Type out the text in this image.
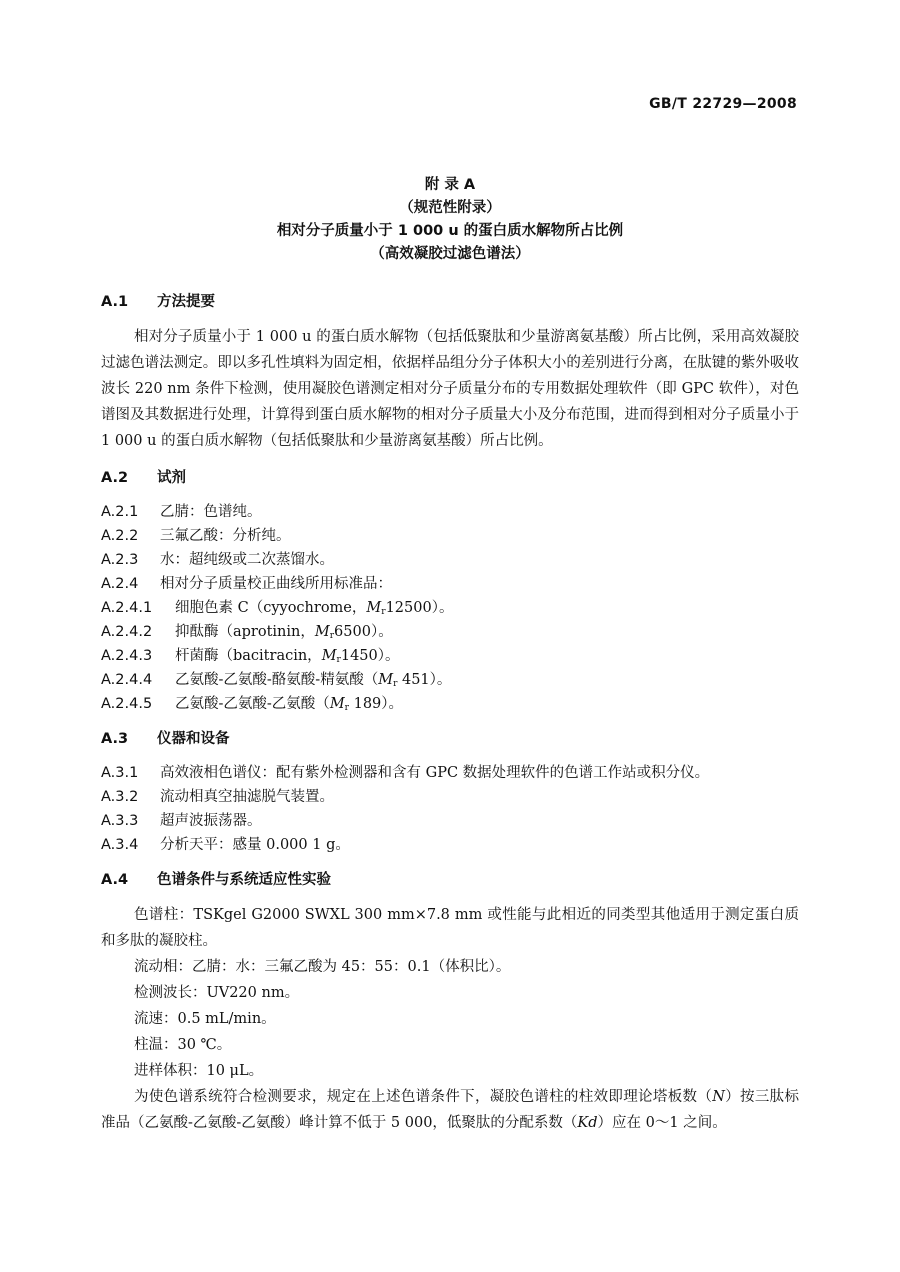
GB/T 22729—2008
附 录 A
（规范性附录）
相对分子质量小于 1 000 u 的蛋白质水解物所占比例
（高效凝胶过滤色谱法）
A.1 方法提要
相对分子质量小于 1 000 u 的蛋白质水解物（包括低聚肽和少量游离氨基酸）所占比例，采用高效凝胶过滤色谱法测定。即以多孔性填料为固定相，依据样品组分分子体积大小的差别进行分离，在肽键的紫外吸收波长 220 nm 条件下检测，使用凝胶色谱测定相对分子质量分布的专用数据处理软件（即 GPC 软件），对色谱图及其数据进行处理，计算得到蛋白质水解物的相对分子质量大小及分布范围，进而得到相对分子质量小于 1 000 u 的蛋白质水解物（包括低聚肽和少量游离氨基酸）所占比例。
A.2 试剂
A.2.1 乙腈：色谱纯。
A.2.2 三氟乙酸：分析纯。
A.2.3 水：超纯级或二次蒸馏水。
A.2.4 相对分子质量校正曲线所用标准品：
A.2.4.1 细胞色素 C（cyyochrome，$M_r12500$）。
A.2.4.2 抑酞酶（aprotinin，$M_r6500$）。
A.2.4.3 杆菌酶（bacitracin，$M_r1450$）。
A.2.4.4 乙氨酸-乙氨酸-酪氨酸-精氨酸（$M_r$ 451）。
A.2.4.5 乙氨酸-乙氨酸-乙氨酸（$M_r$ 189）。
A.3 仪器和设备
A.3.1 高效液相色谱仪：配有紫外检测器和含有 GPC 数据处理软件的色谱工作站或积分仪。
A.3.2 流动相真空抽滤脱气装置。
A.3.3 超声波振荡器。
A.3.4 分析天平：感量 0.000 1 g。
A.4 色谱条件与系统适应性实验
色谱柱：TSKgel G2000 SWXL 300 mm×7.8 mm 或性能与此相近的同类型其他适用于测定蛋白质和多肽的凝胶柱。
流动相：乙腈：水：三氟乙酸为 45：55：0.1（体积比）。
检测波长：UV220 nm。
流速：0.5 mL/min。
柱温：30 ℃。
进样体积：10 μL。
为使色谱系统符合检测要求，规定在上述色谱条件下，凝胶色谱柱的柱效即理论塔板数（N）按三肽标准品（乙氨酸-乙氨酸-乙氨酸）峰计算不低于 5 000，低聚肽的分配系数（Kd）应在 0～1 之间。
